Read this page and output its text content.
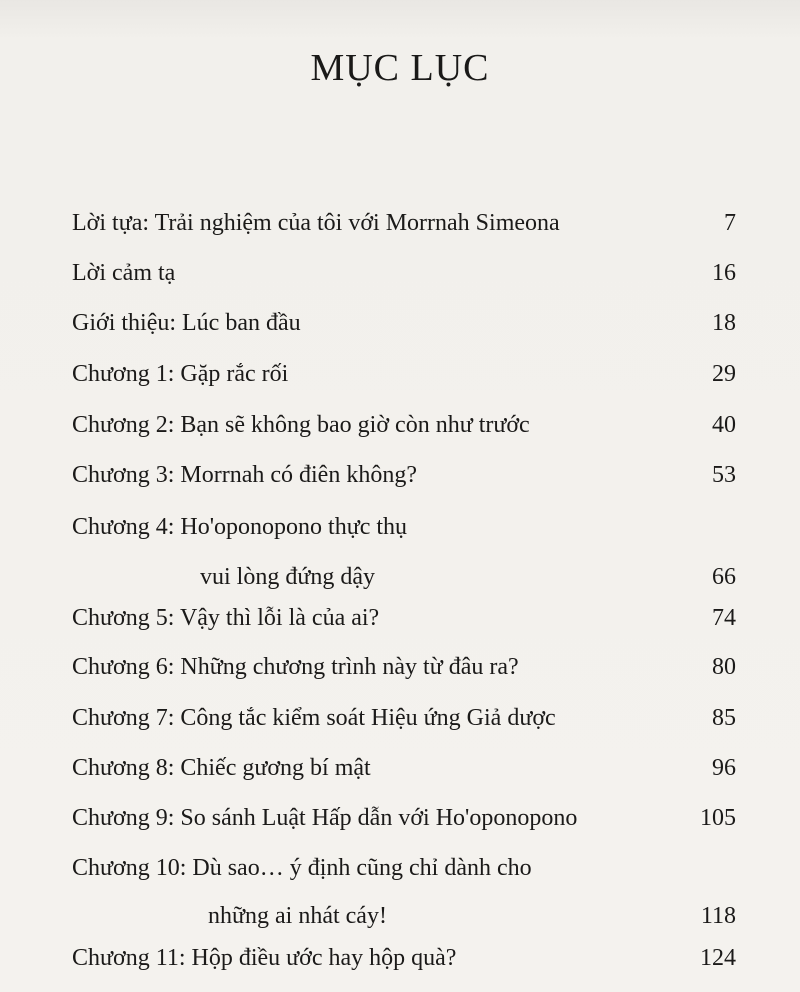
MỤC LỤC
Lời tựa: Trải nghiệm của tôi với Morrnah Simeona	7
Lời cảm tạ	16
Giới thiệu: Lúc ban đầu	18
Chương 1: Gặp rắc rối	29
Chương 2: Bạn sẽ không bao giờ còn như trước	40
Chương 3: Morrnah có điên không?	53
Chương 4: Ho'oponopono thực thụ
vui lòng đứng dậy	66
Chương 5: Vậy thì lỗi là của ai?	74
Chương 6: Những chương trình này từ đâu ra?	80
Chương 7: Công tắc kiểm soát Hiệu ứng Giả dược	85
Chương 8: Chiếc gương bí mật	96
Chương 9: So sánh Luật Hấp dẫn với Ho'oponopono	105
Chương 10: Dù sao… ý định cũng chỉ dành cho
những ai nhát cáy!	118
Chương 11: Hộp điều ước hay hộp quà?	124
